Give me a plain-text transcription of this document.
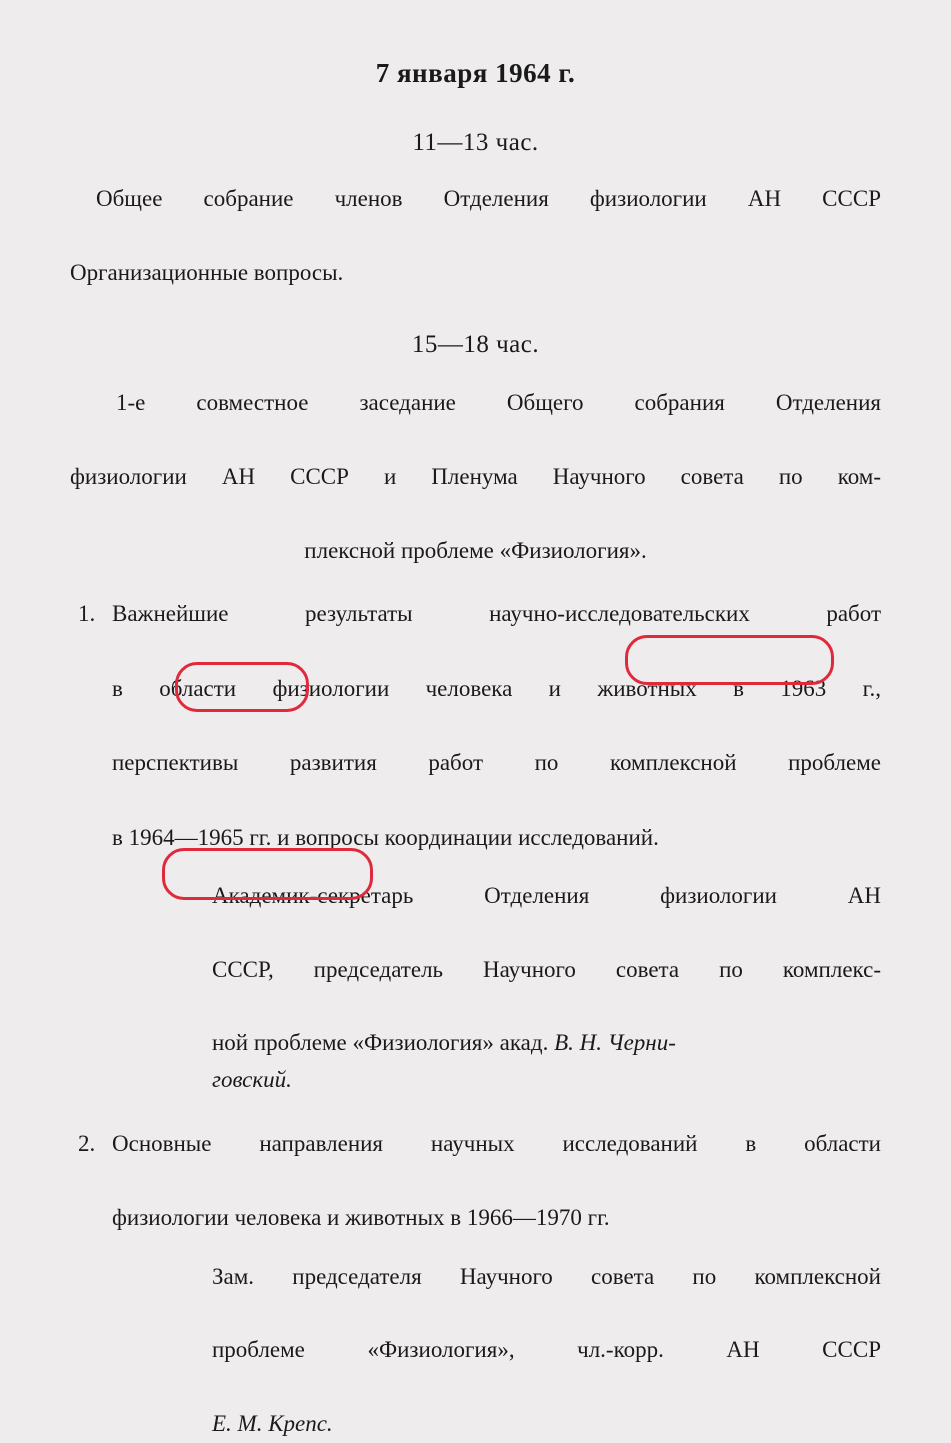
7 января 1964 г.
11—13 час.
Общее собрание членов Отделения физиологии АН СССР
Организационные вопросы.
15—18 час.
1-е совместное заседание Общего собрания Отделения
физиологии АН СССР и Пленума Научного совета по ком-
плексной проблеме «Физиология».
1. Важнейшие результаты научно-исследовательских работ
в области физиологии человека и животных в 1963 г.,
перспективы развития работ по комплексной проблеме
в 1964—1965 гг. и вопросы координации исследований.
Академик-секретарь Отделения физиологии АН
СССР, председатель Научного совета по комплекс-
ной проблеме «Физиология» акад. В. Н. Черни-
говский.
2. Основные направления научных исследований в области
физиологии человека и животных в 1966—1970 гг.
Зам. председателя Научного совета по комплексной
проблеме «Физиология», чл.-корр. АН СССР
Е. М. Крепс.
